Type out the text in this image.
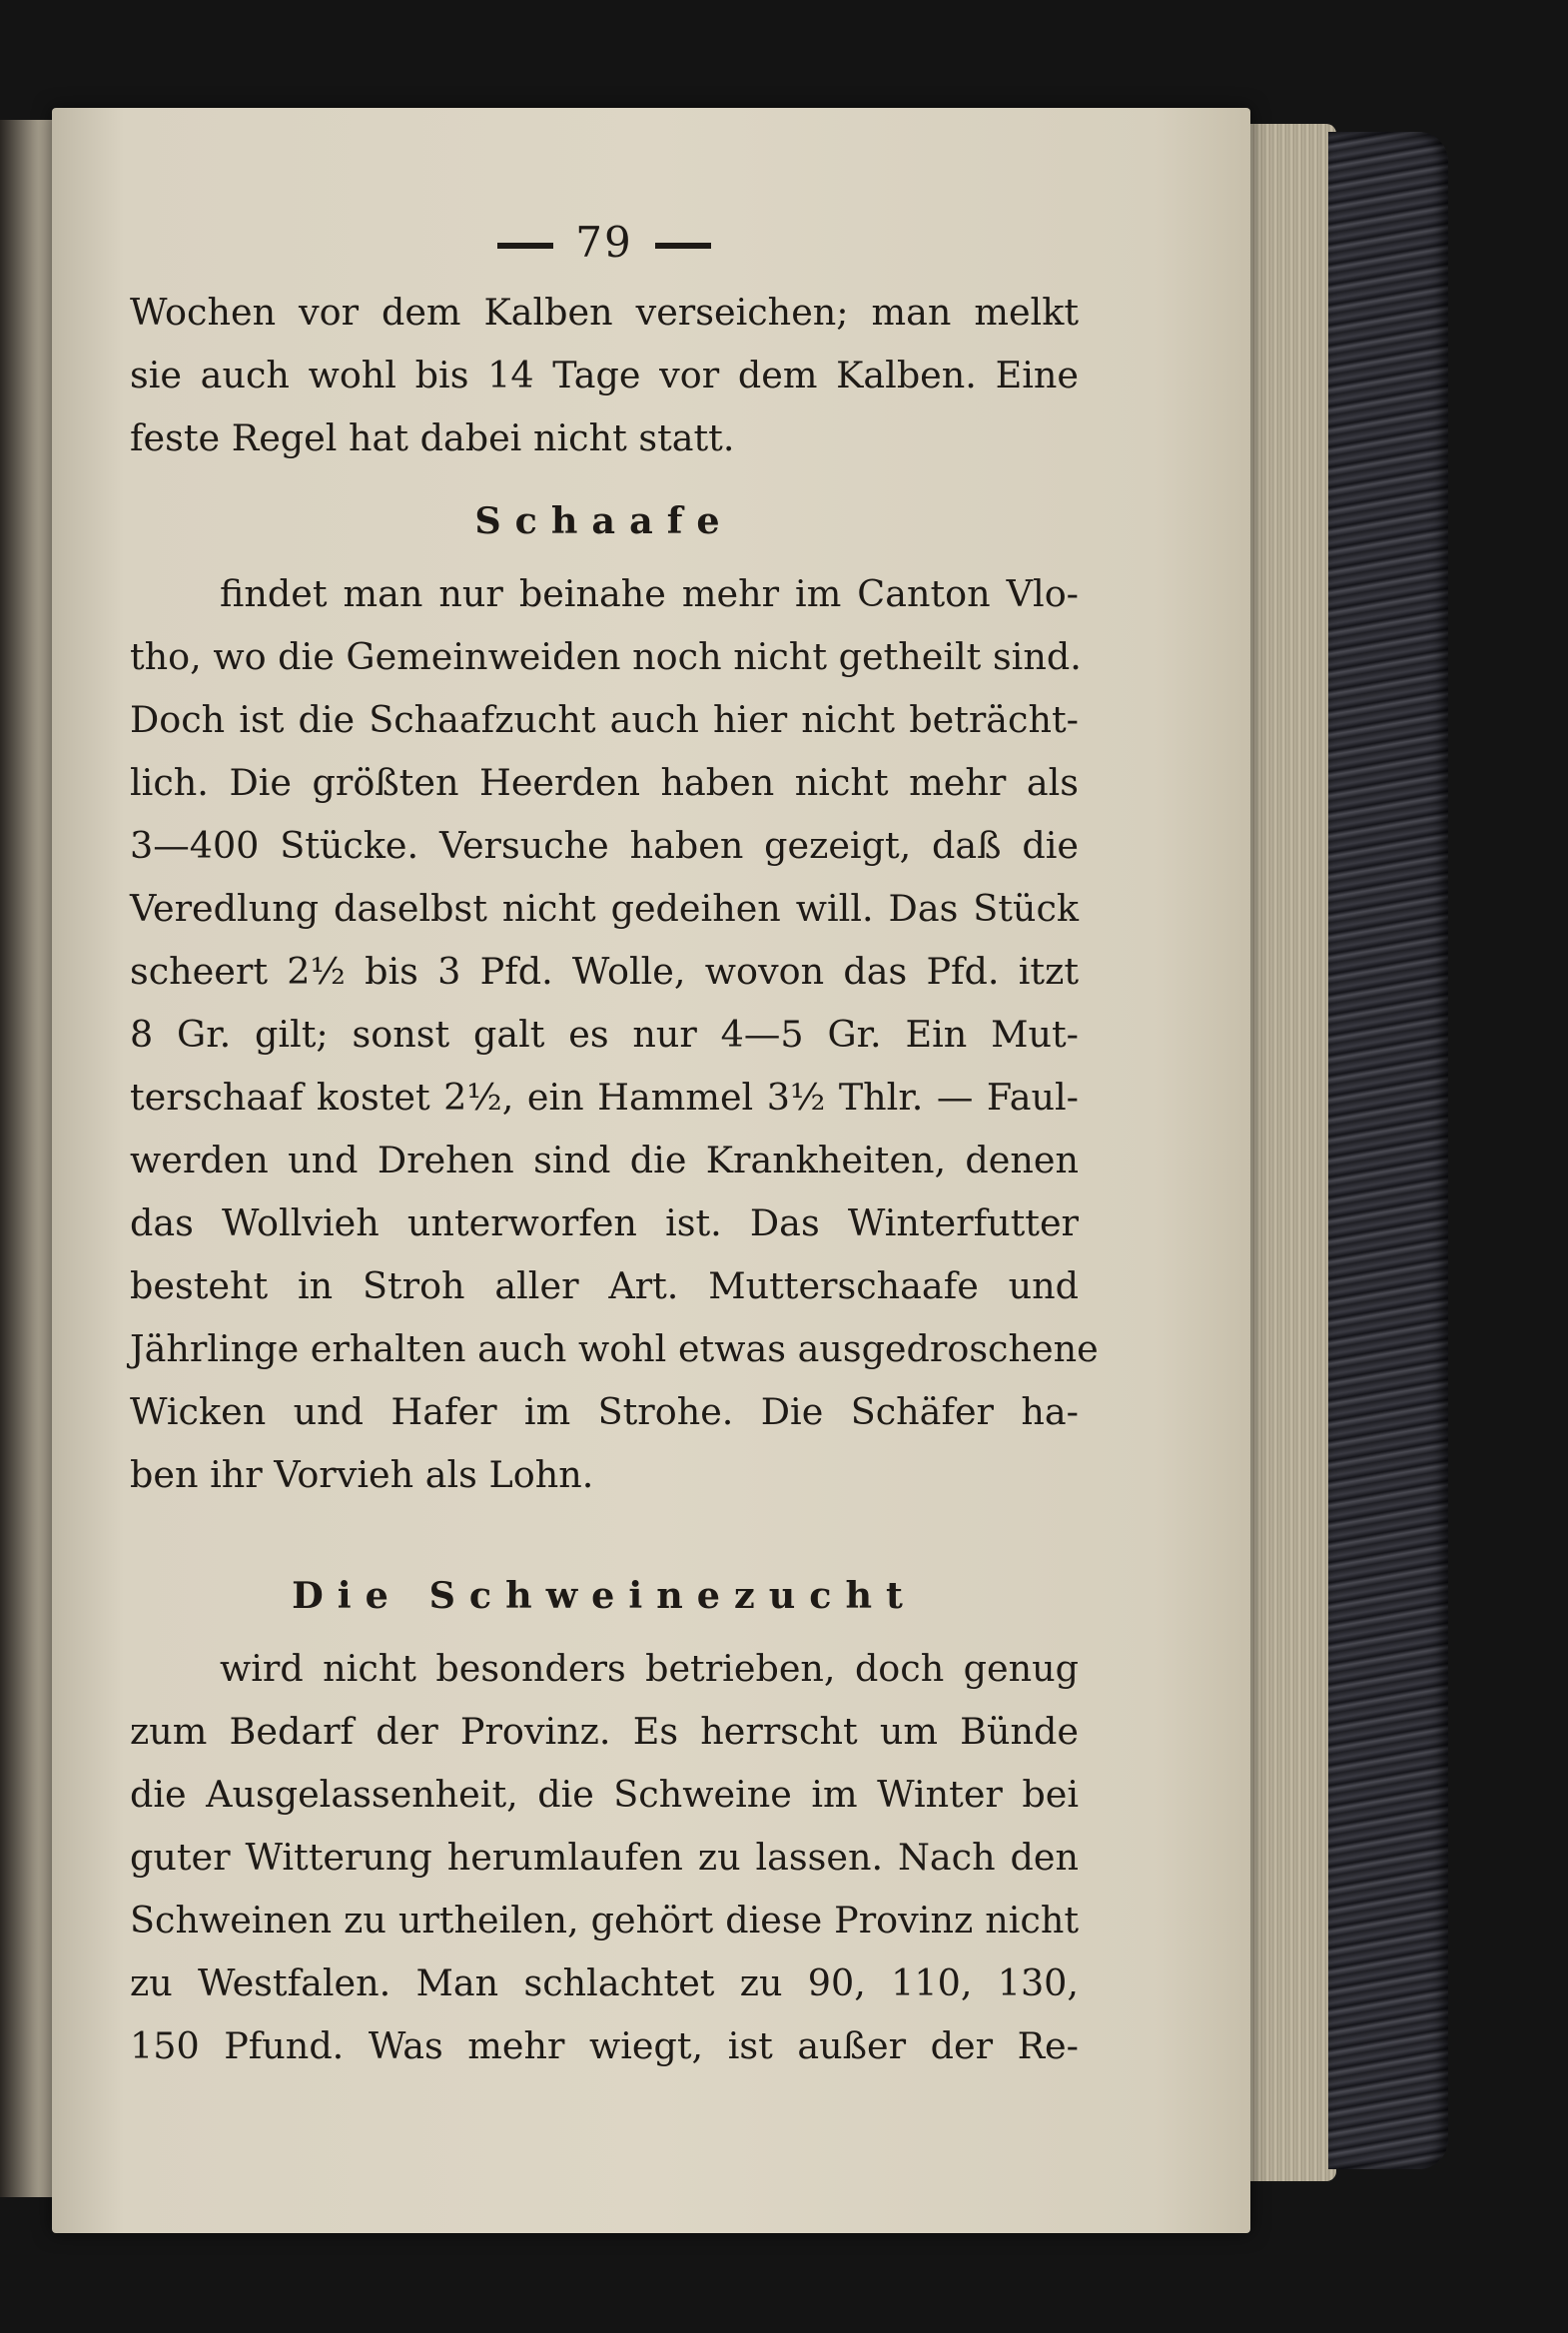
79
Wochen vor dem Kalben verseichen; man melkt
sie auch wohl bis 14 Tage vor dem Kalben. Eine
feste Regel hat dabei nicht statt.
Schaafe
findet man nur beinahe mehr im Canton Vlo-
tho, wo die Gemeinweiden noch nicht getheilt sind.
Doch ist die Schaafzucht auch hier nicht beträcht-
lich. Die größten Heerden haben nicht mehr als
3—400 Stücke. Versuche haben gezeigt, daß die
Veredlung daselbst nicht gedeihen will. Das Stück
scheert 2½ bis 3 Pfd. Wolle, wovon das Pfd. itzt
8 Gr. gilt; sonst galt es nur 4—5 Gr. Ein Mut-
terschaaf kostet 2½, ein Hammel 3½ Thlr. — Faul-
werden und Drehen sind die Krankheiten, denen
das Wollvieh unterworfen ist. Das Winterfutter
besteht in Stroh aller Art. Mutterschaafe und
Jährlinge erhalten auch wohl etwas ausgedroschene
Wicken und Hafer im Strohe. Die Schäfer ha-
ben ihr Vorvieh als Lohn.
Die Schweinezucht
wird nicht besonders betrieben, doch genug
zum Bedarf der Provinz. Es herrscht um Bünde
die Ausgelassenheit, die Schweine im Winter bei
guter Witterung herumlaufen zu lassen. Nach den
Schweinen zu urtheilen, gehört diese Provinz nicht
zu Westfalen. Man schlachtet zu 90, 110, 130,
150 Pfund. Was mehr wiegt, ist außer der Re-
